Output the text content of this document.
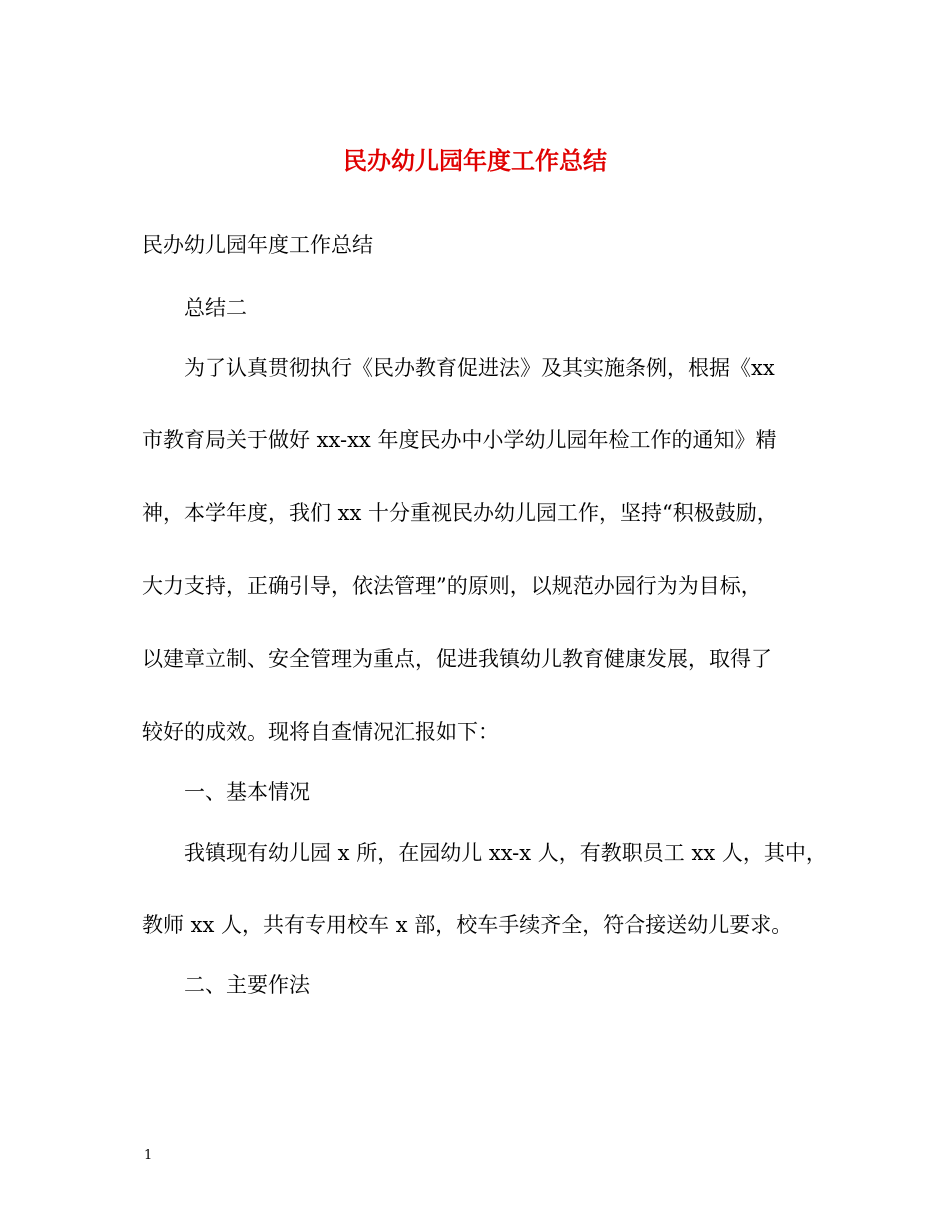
民办幼儿园年度工作总结

民办幼儿园年度工作总结

总结二

为了认真贯彻执行《民办教育促进法》及其实施条例，根据《xx

市教育局关于做好 xx-xx 年度民办中小学幼儿园年检工作的通知》精

神，本学年度，我们 xx 十分重视民办幼儿园工作，坚持“积极鼓励，

大力支持，正确引导，依法管理”的原则，以规范办园行为为目标，

以建章立制、安全管理为重点，促进我镇幼儿教育健康发展，取得了

较好的成效。现将自查情况汇报如下：

一、基本情况

我镇现有幼儿园 x 所，在园幼儿 xx-x 人，有教职员工 xx 人，其中，

教师 xx 人，共有专用校车 x 部，校车手续齐全，符合接送幼儿要求。

二、主要作法

1
